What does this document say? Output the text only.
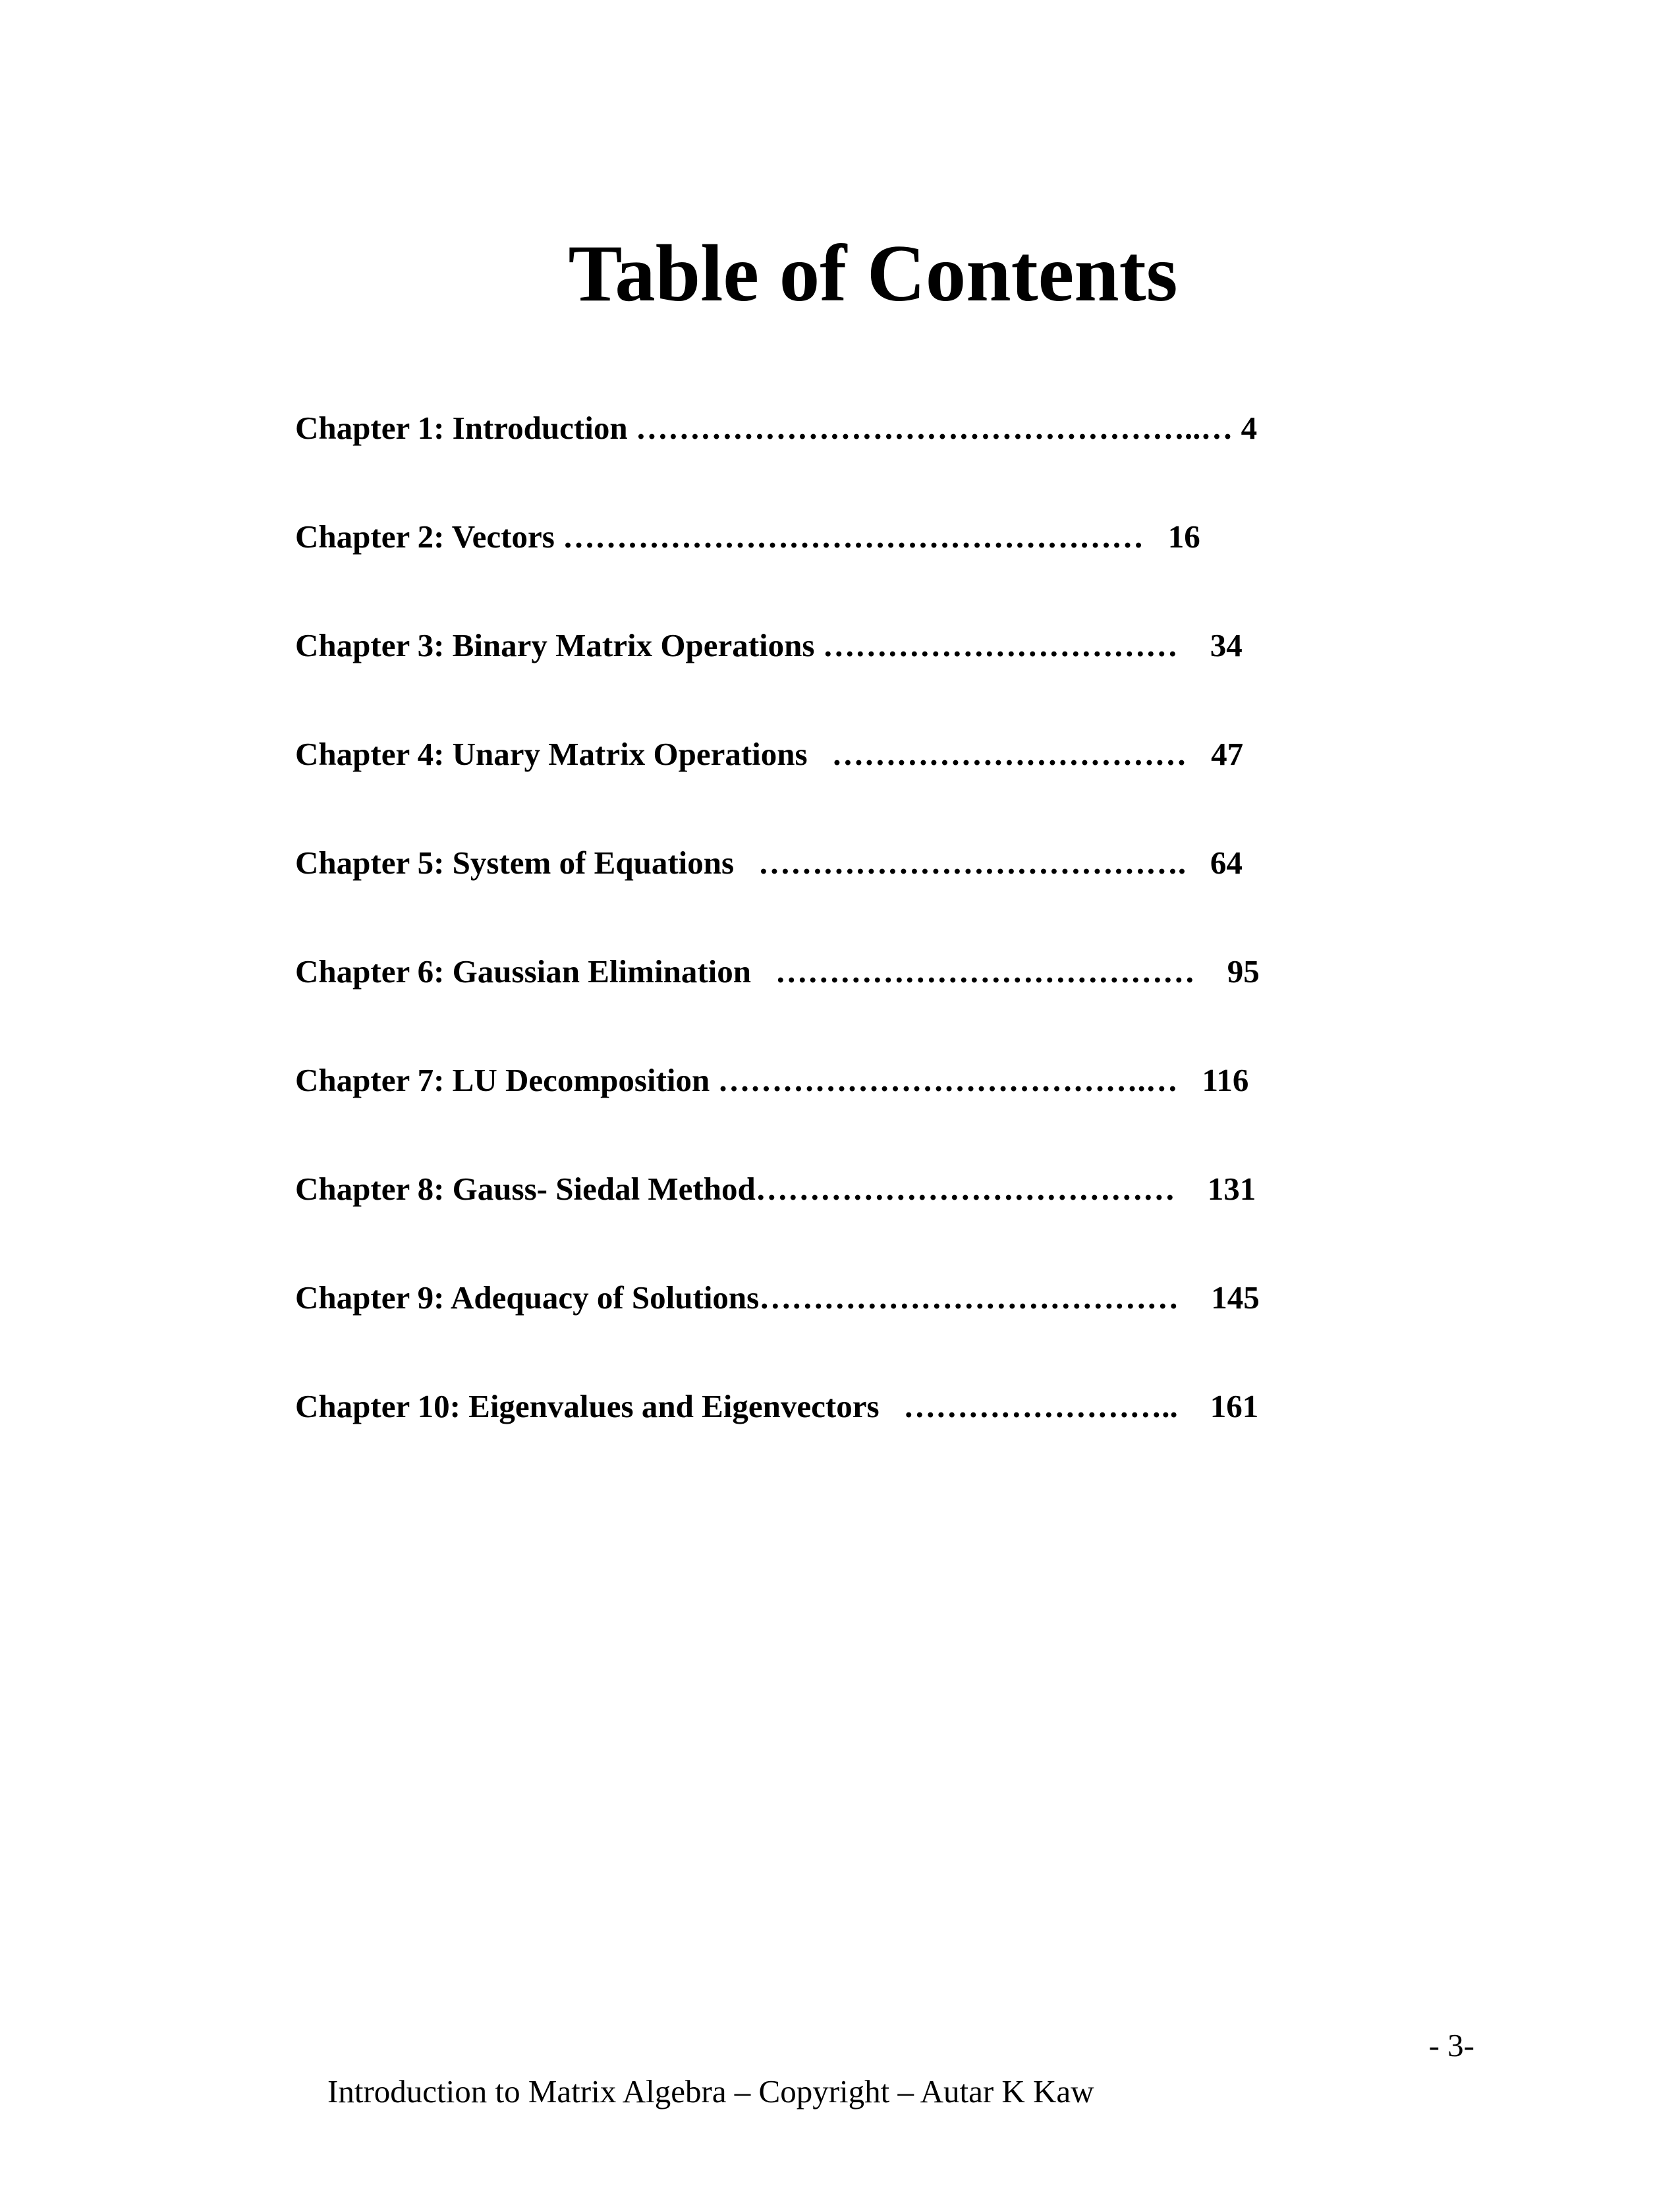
Table of Contents
Chapter 1: Introduction ……………………………………………..… 4
Chapter 2: Vectors ………………………………………………   16
Chapter 3: Binary Matrix Operations ……………………………    34
Chapter 4: Unary Matrix Operations   ……………………………   47
Chapter 5: System of Equations   ………………………………….   64
Chapter 6: Gaussian Elimination   …………………………………    95
Chapter 7: LU Decomposition ………………………………….…   116
Chapter 8: Gauss- Siedal Method…………………………………    131
Chapter 9: Adequacy of Solutions…………………………………    145
Chapter 10: Eigenvalues and Eigenvectors   ……………………..    161

Introduction to Matrix Algebra – Copyright – Autar K Kaw

- 3-
